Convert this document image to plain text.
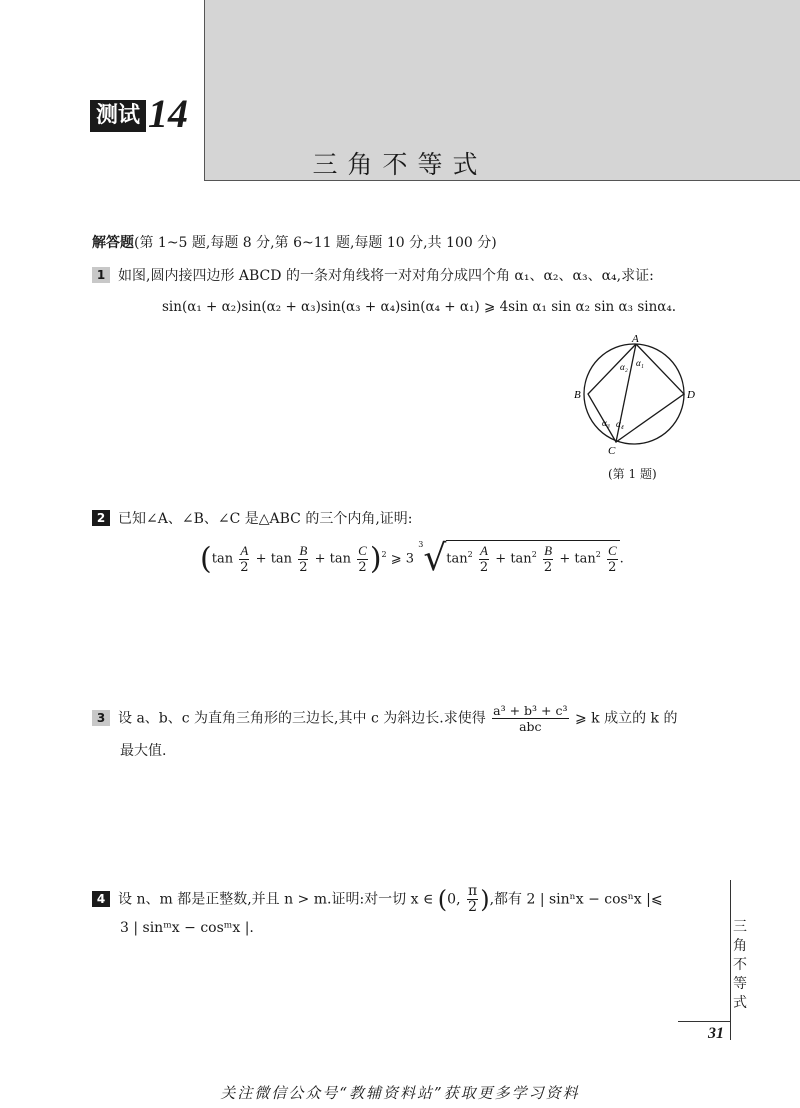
测试 14
三角不等式
解答题(第 1~5 题,每题 8 分,第 6~11 题,每题 10 分,共 100 分)
1 如图,圆内接四边形 ABCD 的一条对角线将一对对角分成四个角 α₁、α₂、α₃、α₄,求证:
sin(α₁ + α₂)sin(α₂ + α₃)sin(α₃ + α₄)sin(α₄ + α₁) ⩾ 4sin α₁ sin α₂ sin α₃ sinα₄.
A
B
C
D
α₁
α₂
α₃ α₄
(第 1 题)
2 已知∠A、∠B、∠C 是△ABC 的三个内角,证明:
$(\tan \frac{A}{2} + \tan \frac{B}{2} + \tan \frac{C}{2} )^2$ ⩾ 3
3 √ $\tan^2 \frac{A}{2} + \tan^2 \frac{B}{2} + \tan^2 \frac{C}{2}$ .
3 设 a、b、c 为直角三角形的三边长,其中 c 为斜边长.求使得 $\frac{\text{a³ + b³ + c³}}{\text{abc}}$ ⩾ k 成立的 k 的
最大值.
4 设 n、m 都是正整数,并且 n > m.证明:对一切 x ∈ (0, $\frac{\pi}{2}$ ),都有 2 | sinⁿx − cosⁿx |⩽
3 | sinᵐx − cosᵐx |.	三角不等式
31
关注微信公众号“教辅资料站”获取更多学习资料
